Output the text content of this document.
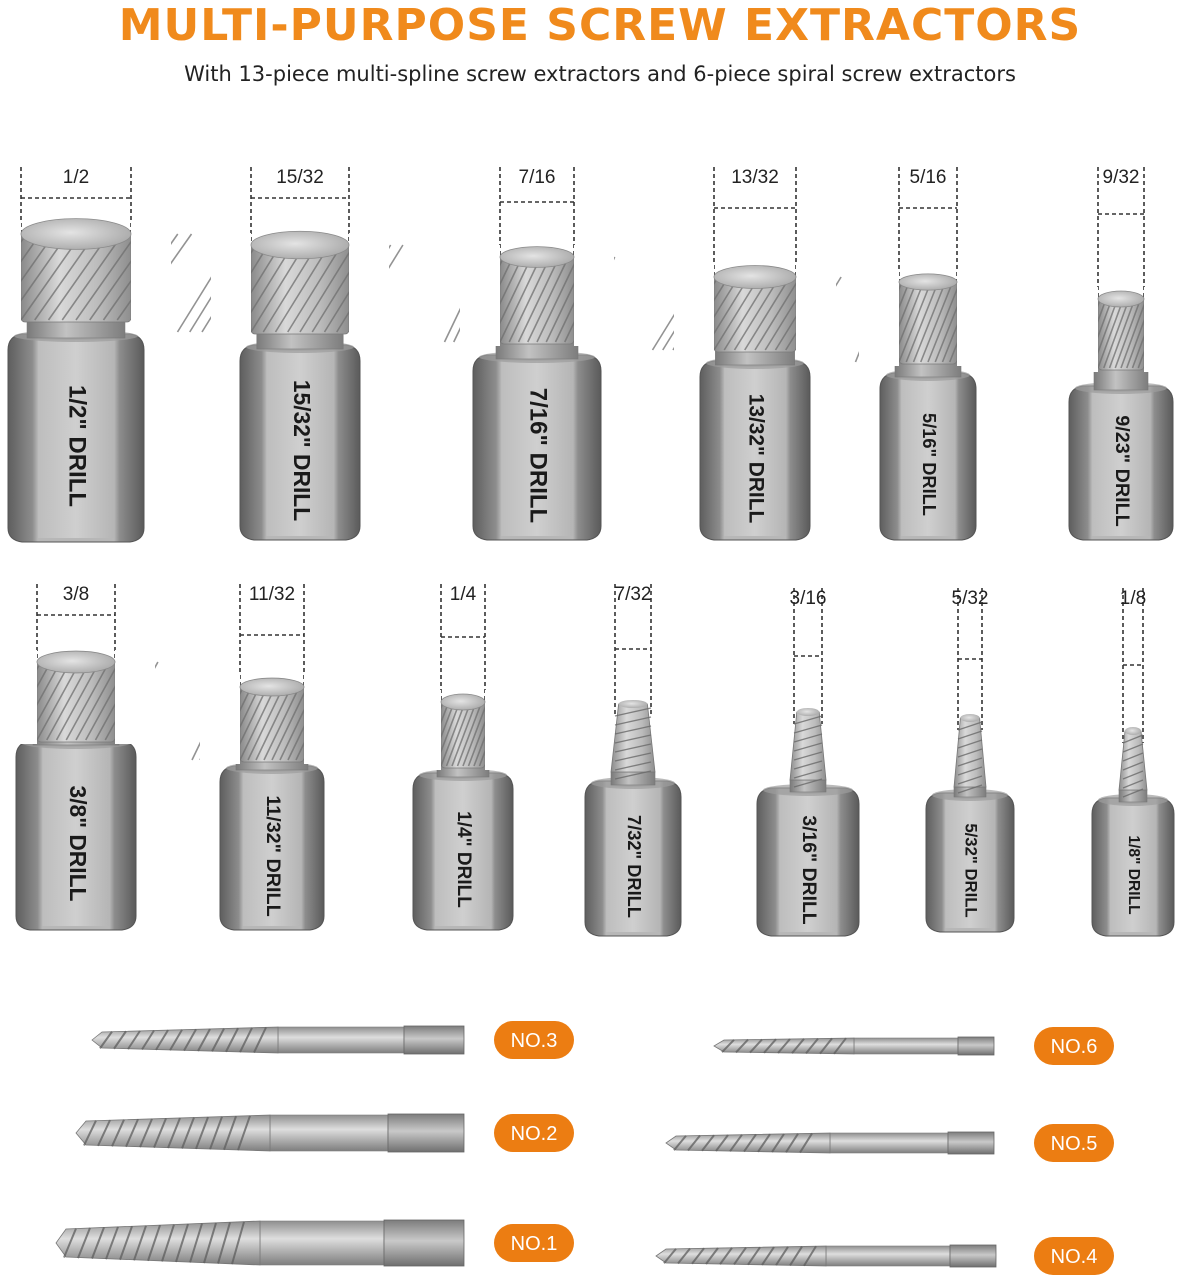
MULTI-PURPOSE SCREW EXTRACTORS
With 13-piece multi-spline screw extractors and 6-piece spiral screw extractors
1/2
1/2" DRILL
15/32
15/32" DRILL
7/16
7/16" DRILL
13/32
13/32" DRILL
5/16
5/16" DRILL
9/32
9/23" DRILL
3/8
3/8" DRILL
11/32
11/32" DRILL
1/4
1/4" DRILL
7/32
7/32" DRILL
3/16
3/16" DRILL
5/32
5/32" DRILL
1/8
1/8" DRILL
NO.3
NO.2
NO.1
NO.6
NO.5
NO.4
